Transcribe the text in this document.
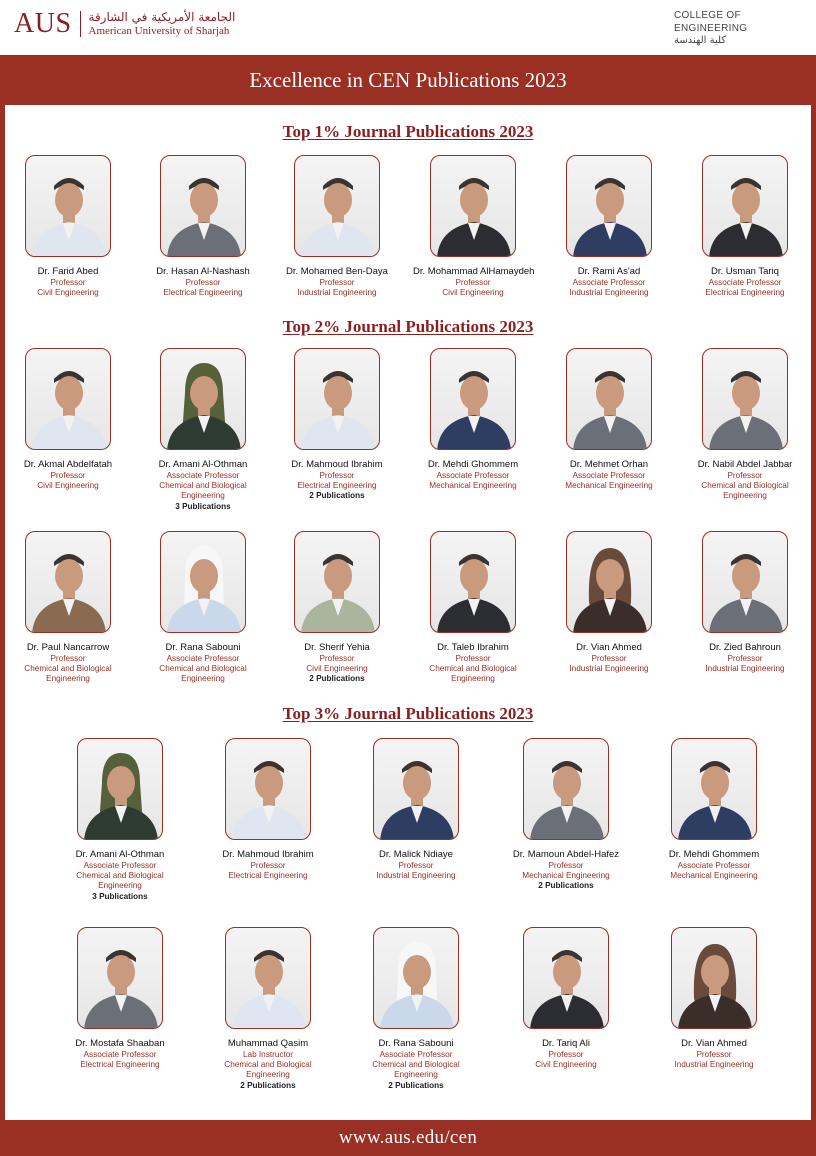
AUS الجامعة الأمريكية في الشارقة
American University of Sharjah
COLLEGE OF ENGINEERING
كلية الهندسة
Excellence in CEN Publications 2023
Top 1% Journal Publications 2023
Dr. Farid Abed
Professor
Civil Engineering
Dr. Hasan Al-Nashash
Professor
Electrical Engineering
Dr. Mohamed Ben-Daya
Professor
Industrial Engineering
Dr. Mohammad AlHamaydeh
Professor
Civil Engineering
Dr. Rami As'ad
Associate Professor
Industrial Engineering
Dr. Usman Tariq
Associate Professor
Electrical Engineering
Top 2% Journal Publications 2023
Dr. Akmal Abdelfatah
Professor
Civil Engineering
Dr. Amani Al-Othman
Associate Professor
Chemical and Biological Engineering
3 Publications
Dr. Mahmoud Ibrahim
Professor
Electrical Engineering
2 Publications
Dr. Mehdi Ghommem
Associate Professor
Mechanical Engineering
Dr. Mehmet Orhan
Associate Professor
Mechanical Engineering
Dr. Nabil Abdel Jabbar
Professor
Chemical and Biological Engineering
Dr. Paul Nancarrow
Professor
Chemical and Biological Engineering
Dr. Rana Sabouni
Associate Professor
Chemical and Biological Engineering
Dr. Sherif Yehia
Professor
Civil Engineering
2 Publications
Dr. Taleb Ibrahim
Professor
Chemical and Biological Engineering
Dr. Vian Ahmed
Professor
Industrial Engineering
Dr. Zied Bahroun
Professor
Industrial Engineering
Top 3% Journal Publications 2023
Dr. Amani Al-Othman
Associate Professor
Chemical and Biological Engineering
3 Publications
Dr. Mahmoud Ibrahim
Professor
Electrical Engineering
Dr. Malick Ndiaye
Professor
Industrial Engineering
Dr. Mamoun Abdel-Hafez
Professor
Mechanical Engineering
2 Publications
Dr. Mehdi Ghommem
Associate Professor
Mechanical Engineering
Dr. Mostafa Shaaban
Associate Professor
Electrical Engineering
Muhammad Qasim
Lab Instructor
Chemical and Biological Engineering
2 Publications
Dr. Rana Sabouni
Associate Professor
Chemical and Biological Engineering
2 Publications
Dr. Tariq Ali
Professor
Civil Engineering
Dr. Vian Ahmed
Professor
Industrial Engineering
www.aus.edu/cen
